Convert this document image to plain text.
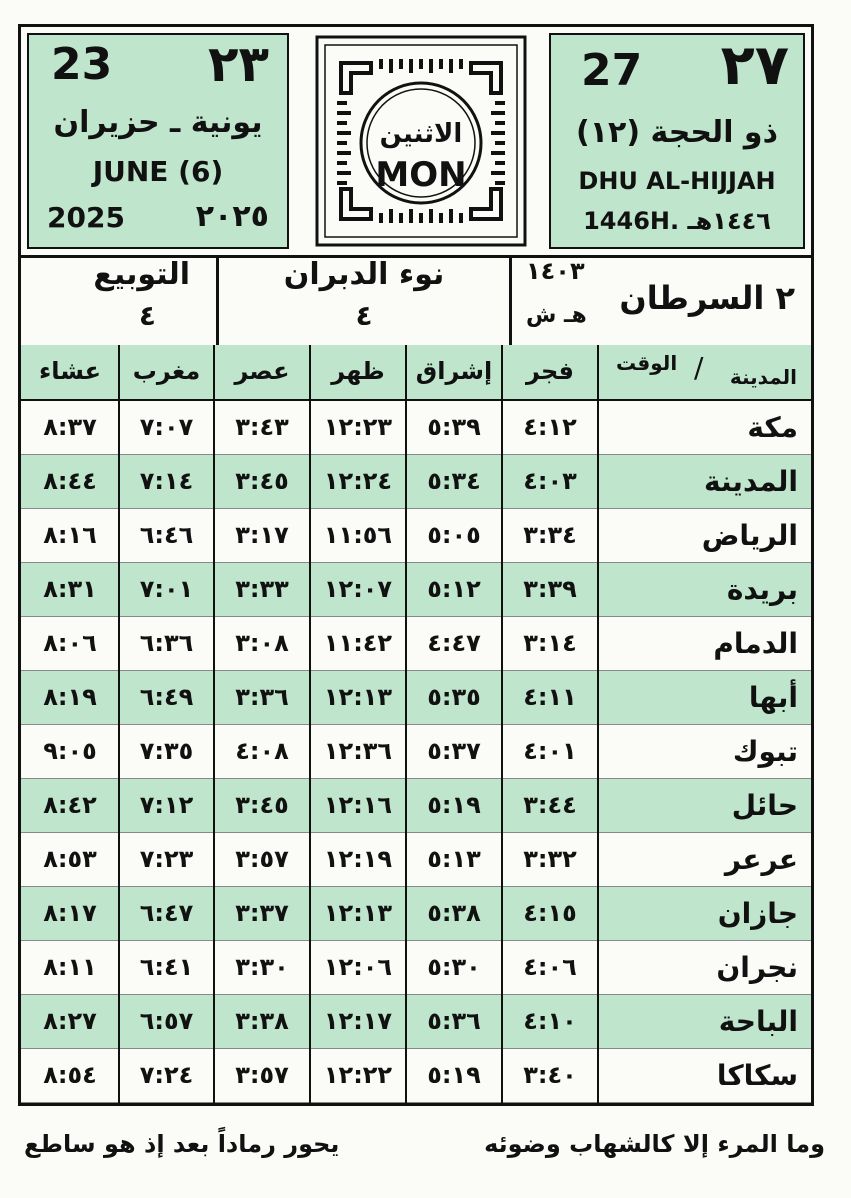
23 ٢٣
يونية ـ حزيران
JUNE (6)
2025 ٢٠٢٥
الاثنين
MON
27 ٢٧
ذو الحجة (١٢)
DHU AL-HIJJAH
1446H. ١٤٤٦هـ
التوبيع
٤
نوء الدبران
٤
١٤٠٣
هـ ش ٢ السرطان
عشاء	مغرب	عصر	ظهر	إشراق	فجر	الوقت / المدينة
٨:٣٧	٧:٠٧	٣:٤٣	١٢:٢٣	٥:٣٩	٤:١٢	مكة
٨:٤٤	٧:١٤	٣:٤٥	١٢:٢٤	٥:٣٤	٤:٠٣	المدينة
٨:١٦	٦:٤٦	٣:١٧	١١:٥٦	٥:٠٥	٣:٣٤	الرياض
٨:٣١	٧:٠١	٣:٣٣	١٢:٠٧	٥:١٢	٣:٣٩	بريدة
٨:٠٦	٦:٣٦	٣:٠٨	١١:٤٢	٤:٤٧	٣:١٤	الدمام
٨:١٩	٦:٤٩	٣:٣٦	١٢:١٣	٥:٣٥	٤:١١	أبها
٩:٠٥	٧:٣٥	٤:٠٨	١٢:٣٦	٥:٣٧	٤:٠١	تبوك
٨:٤٢	٧:١٢	٣:٤٥	١٢:١٦	٥:١٩	٣:٤٤	حائل
٨:٥٣	٧:٢٣	٣:٥٧	١٢:١٩	٥:١٣	٣:٣٢	عرعر
٨:١٧	٦:٤٧	٣:٣٧	١٢:١٣	٥:٣٨	٤:١٥	جازان
٨:١١	٦:٤١	٣:٣٠	١٢:٠٦	٥:٣٠	٤:٠٦	نجران
٨:٢٧	٦:٥٧	٣:٣٨	١٢:١٧	٥:٣٦	٤:١٠	الباحة
٨:٥٤	٧:٢٤	٣:٥٧	١٢:٢٢	٥:١٩	٣:٤٠	سكاكا
وما المرء إلا كالشهاب وضوئه
يحور رماداً بعد إذ هو ساطع
